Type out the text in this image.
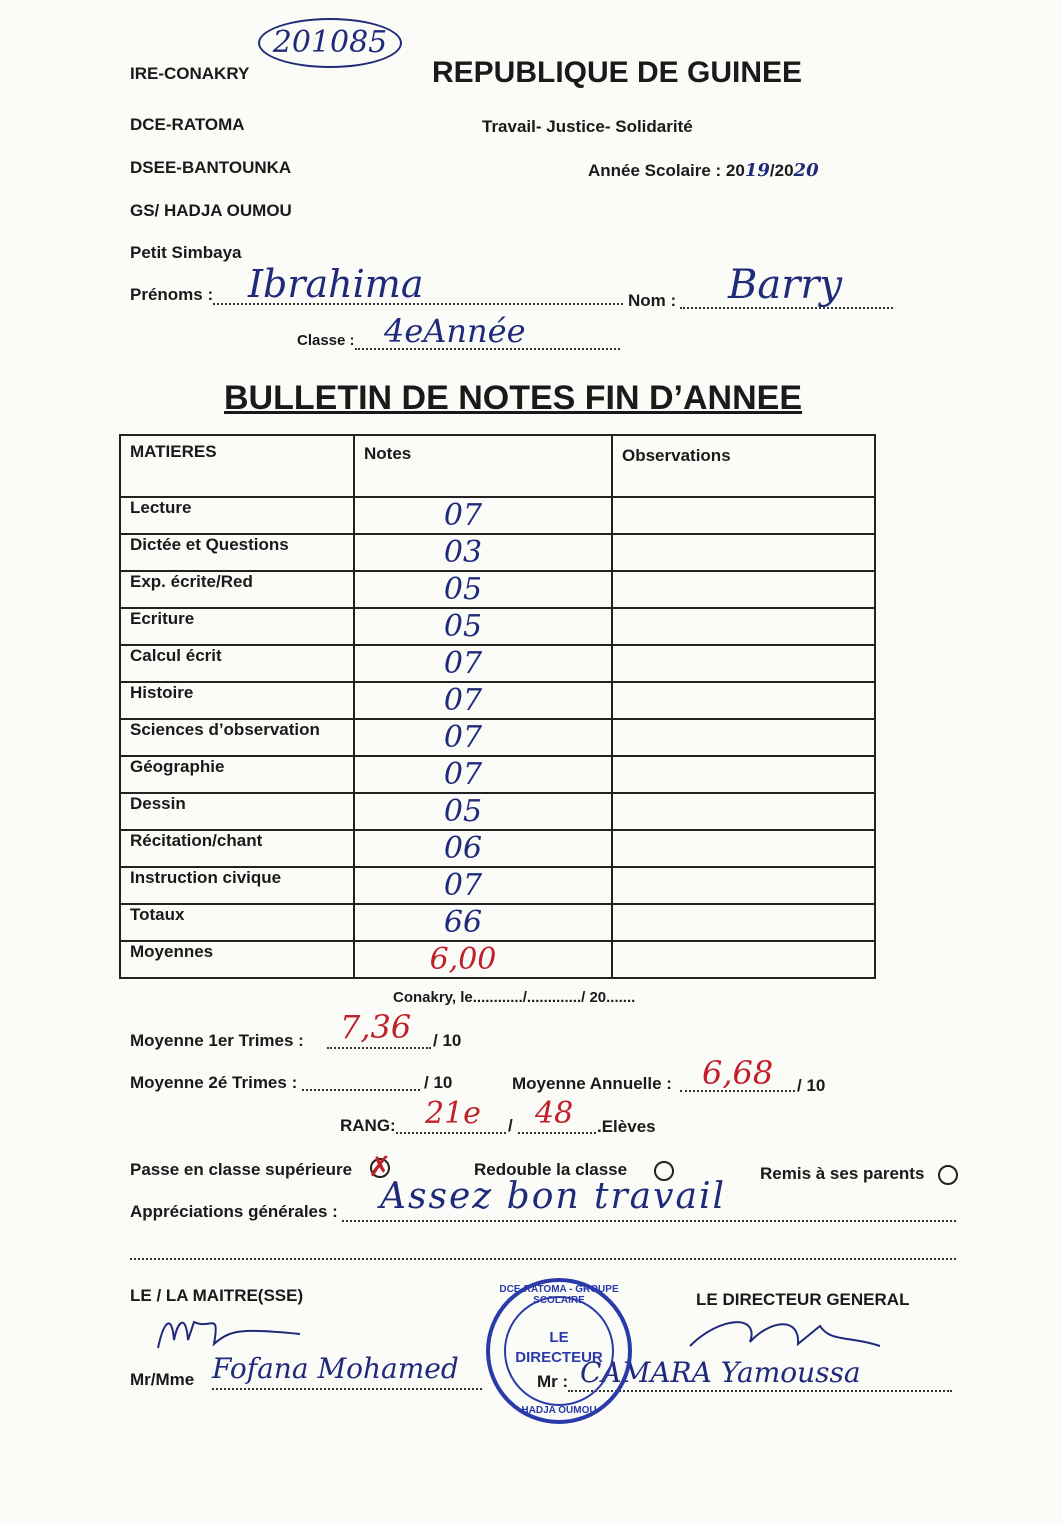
201085
IRE-CONAKRY
DCE-RATOMA
DSEE-BANTOUNKA
GS/ HADJA OUMOU
Petit Simbaya
REPUBLIQUE DE GUINEE
Travail- Justice- Solidarité
Année Scolaire : 2019/2020
Prénoms : Ibrahima	Nom : Barry
Classe : 4eAnnée
BULLETIN DE NOTES FIN D’ANNEE
MATIERES	Notes	Observations
Lecture	07	
Dictée et Questions	03	
Exp. écrite/Red	05	
Ecriture	05	
Calcul écrit	07	
Histoire	07	
Sciences d’observation	07	
Géographie	07	
Dessin	05	
Récitation/chant	06	
Instruction civique	07	
Totaux	66	
Moyennes	6,00	
Conakry, le............/............./ 20.......
Moyenne 1er Trimes : 7,36 / 10
Moyenne 2é Trimes :	/ 10	Moyenne Annuelle : 6,68 / 10
RANG: 21e / 48 .Elèves
Passe en classe supérieure ✗	Redouble la classe	Remis à ses parents
Appréciations générales : Assez bon travail
LE / LA MAITRE(SSE)
Mr/Mme Fofana Mohamed
LE DIRECTEUR GENERAL
Mr : CAMARA Yamoussa
DCE-RATOMA - GROUPE SCOLAIRE
LE
DIRECTEUR
HADJA OUMOU
